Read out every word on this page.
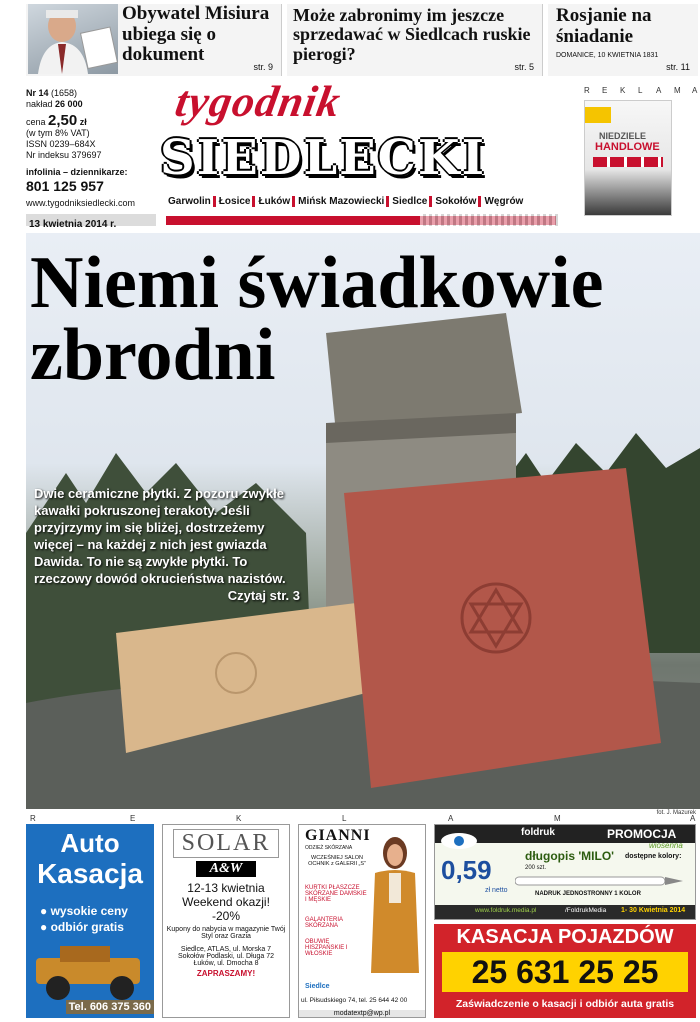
Obywatel Misiura ubiega się o dokument
str. 9
Może zabronimy im jeszcze sprzedawać w Siedlcach ruskie pierogi?
str. 5
Rosjanie na śniadanie
DOMANICE, 10 KWIETNIA 1831
str. 11
Nr 14 (1658)
nakład 26 000
cena 2,50 zł
(w tym 8% VAT)
ISSN 0239–684X
Nr indeksu 379697
infolinia – dziennikarze:
801 125 957
www.tygodniksiedlecki.com
13 kwietnia 2014 r.
tygodnik
SIEDLECKI
Garwolin Łosice Łuków Mińsk Mazowiecki Siedlce Sokołów Węgrów
R E K L A M A
NIEDZIELE
HANDLOWE
Niemi świadkowie
zbrodni
Dwie ceramiczne płytki. Z pozoru zwykłe kawałki pokruszonej terakoty. Jeśli przyjrzymy im się bliżej, dostrzeżemy więcej – na każdej z nich jest gwiazda Dawida. To nie są zwykłe płytki. To rzeczowy dowód okrucieństwa nazistów.
Czytaj str. 3
fot. J. Mazurek
R	E	K	L	A	M	A
Auto
Kasacja
● wysokie ceny
● odbiór gratis
Tel. 606 375 360
SOLAR
A&W
12-13 kwietnia
Weekend okazji!
-20%
Kupony do nabycia w magazynie Twój Styl oraz Grazia
Siedlce, ATLAS, ul. Morska 7
Sokołów Podlaski, ul. Długa 72
Łuków, ul. Dmocha 8
ZAPRASZAMY!
GIANNI
ODZIEŻ SKÓRZANA
WCZEŚNIEJ SALON OCHNIK z GALERII „S”
KURTKI PŁASZCZE SKÓRZANE DAMSKIE I MĘSKIE
GALANTERIA SKÓRZANA
OBUWIE HISZPAŃSKIE I WŁOSKIE
Siedlce
ul. Piłsudskiego 74, tel. 25 644 42 00
modatextp@wp.pl
foldruk	PROMOCJA
wiosenna
długopis 'MILO'
200 szt.
dostępne kolory:
0,59
zł netto	NADRUK JEDNOSTRONNY 1 KOLOR
www.foldruk.media.pl	/FoldrukMedia 1- 30 Kwietnia 2014
KASACJA POJAZDÓW
25 631 25 25
Zaświadczenie o kasacji i odbiór auta gratis
